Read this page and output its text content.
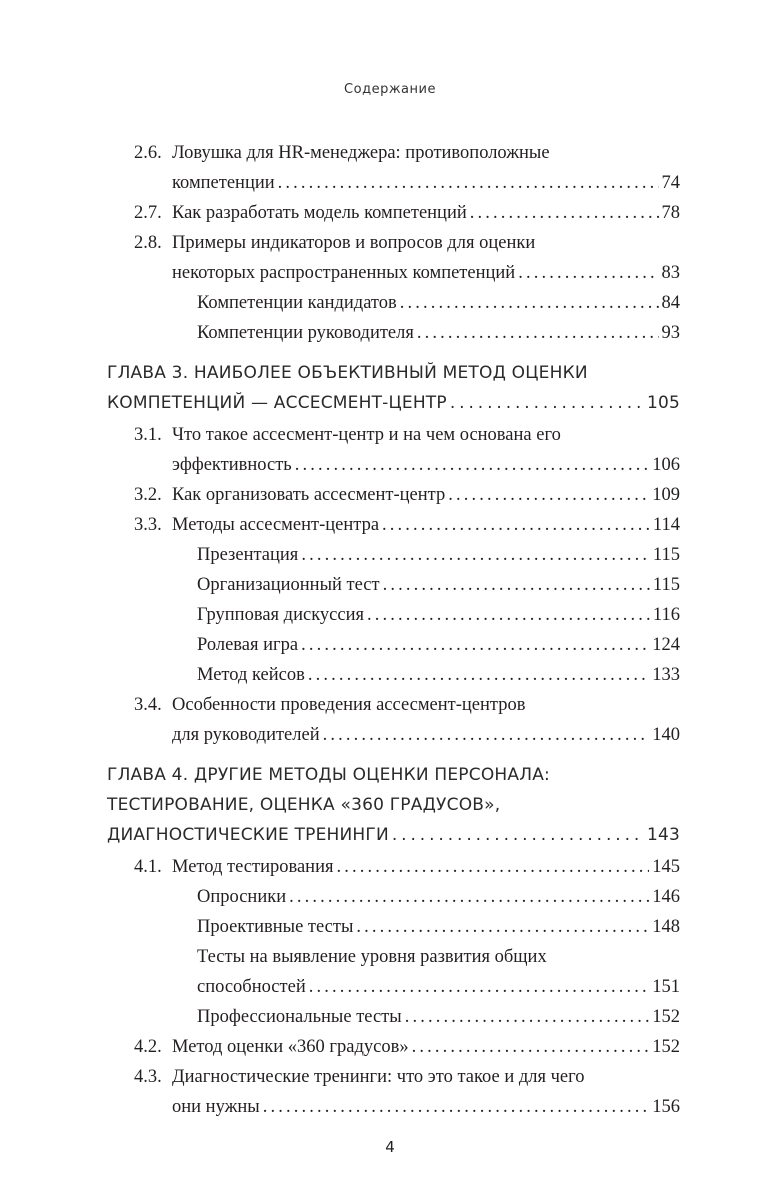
Содержание
2.6. Ловушка для HR-менеджера: противоположные
компетенции . . .	74
2.7. Как разработать модель компетенций . . .	78
2.8. Примеры индикаторов и вопросов для оценки
некоторых распространенных компетенций . . .	83
Компетенции кандидатов . . .	84
Компетенции руководителя . . .	93
ГЛАВА 3. НАИБОЛЕЕ ОБЪЕКТИВНЫЙ МЕТОД ОЦЕНКИ
КОМПЕТЕНЦИЙ — АССЕСМЕНТ-ЦЕНТР . . .	105
3.1. Что такое ассесмент-центр и на чем основана его
эффективность . . .	106
3.2. Как организовать ассесмент-центр . . .	109
3.3. Методы ассесмент-центра . . .	114
Презентация . . .	115
Организационный тест . . .	115
Групповая дискуссия . . .	116
Ролевая игра . . .	124
Метод кейсов . . .	133
3.4. Особенности проведения ассесмент-центров
для руководителей . . .	140
ГЛАВА 4. ДРУГИЕ МЕТОДЫ ОЦЕНКИ ПЕРСОНАЛА:
ТЕСТИРОВАНИЕ, ОЦЕНКА «360 ГРАДУСОВ»,
ДИАГНОСТИЧЕСКИЕ ТРЕНИНГИ . . .	143
4.1. Метод тестирования . . .	145
Опросники . . .	146
Проективные тесты . . .	148
Тесты на выявление уровня развития общих
способностей . . .	151
Профессиональные тесты . . .	152
4.2. Метод оценки «360 градусов» . . .	152
4.3. Диагностические тренинги: что это такое и для чего
они нужны . . .	156
4
